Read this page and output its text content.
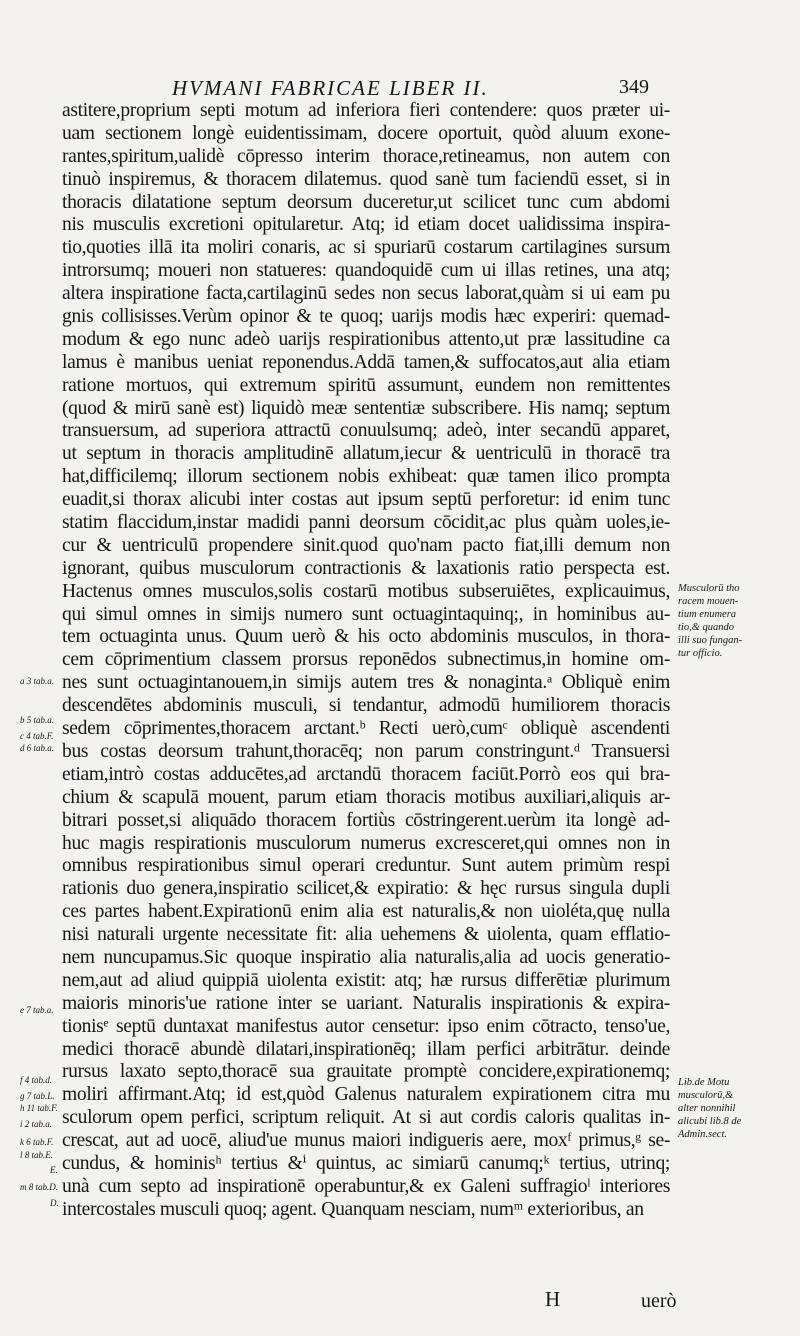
HVMANI FABRICAE LIBER II.	349
astitere,proprium septi motum ad inferiora fieri contendere: quos præter ui-
uam sectionem longè euidentissimam, docere oportuit, quòd aluum exone-
rantes,spiritum,ualidè cōpresso interim thorace,retineamus, non autem con
tinuò inspiremus, & thoracem dilatemus. quod sanè tum faciendū esset, si in
thoracis dilatatione septum deorsum duceretur,ut scilicet tunc cum abdomi
nis musculis excretioni opitularetur. Atq; id etiam docet ualidissima inspira-
tio,quoties illā ita moliri conaris, ac si spuriarū costarum cartilagines sursum
introrsumq; moueri non statueres: quandoquidē cum ui illas retines, una atq;
altera inspiratione facta,cartilaginū sedes non secus laborat,quàm si ui eam pu
gnis collisisses.Verùm opinor & te quoq; uarijs modis hæc experiri: quemad-
modum & ego nunc adeò uarijs respirationibus attento,ut præ lassitudine ca
lamus è manibus ueniat reponendus.Addā tamen,& suffocatos,aut alia etiam
ratione mortuos, qui extremum spiritū assumunt, eundem non remittentes
(quod & mirū sanè est) liquidò meæ sententiæ subscribere. His namq; septum
transuersum, ad superiora attractū conuulsumq; adeò, inter secandū apparet,
ut septum in thoracis amplitudinē allatum,iecur & uentriculū in thoracē tra
hat,difficilemq; illorum sectionem nobis exhibeat: quæ tamen ilico prompta
euadit,si thorax alicubi inter costas aut ipsum septū perforetur: id enim tunc
statim flaccidum,instar madidi panni deorsum cōcidit,ac plus quàm uoles,ie-
cur & uentriculū propendere sinit.quod quo'nam pacto fiat,illi demum non
ignorant, quibus musculorum contractionis & laxationis ratio perspecta est.
Hactenus omnes musculos,solis costarū motibus subseruiētes, explicauimus,
qui simul omnes in simijs numero sunt octuagintaquinq;, in hominibus au-
tem octuaginta unus. Quum uerò & his octo abdominis musculos, in thora-
cem cōprimentium classem prorsus reponēdos subnectimus,in homine om-
nes sunt octuagintanouem,in simijs autem tres & nonaginta.ᵃ Obliquè enim
descendētes abdominis musculi, si tendantur, admodū humiliorem thoracis
sedem cōprimentes,thoracem arctant.ᵇ Recti uerò,cumᶜ obliquè ascendenti
bus costas deorsum trahunt,thoracēq; non parum constringunt.ᵈ Transuersi
etiam,intrò costas adducētes,ad arctandū thoracem faciūt.Porrò eos qui bra-
chium & scapulā mouent, parum etiam thoracis motibus auxiliari,aliquis ar-
bitrari posset,si aliquādo thoracem fortiùs cōstringerent.uerùm ita longè ad-
huc magis respirationis musculorum numerus excresceret,qui omnes non in
omnibus respirationibus simul operari creduntur. Sunt autem primùm respi
rationis duo genera,inspiratio scilicet,& expiratio: & hęc rursus singula dupli
ces partes habent.Expirationū enim alia est naturalis,& non uioléta,quę nulla
nisi naturali urgente necessitate fit: alia uehemens & uiolenta, quam efflatio-
nem nuncupamus.Sic quoque inspiratio alia naturalis,alia ad uocis generatio-
nem,aut ad aliud quippiā uiolenta existit: atq; hæ rursus differētiæ plurimum
maioris minoris'ue ratione inter se uariant. Naturalis inspirationis & expira-
tionisᵉ septū duntaxat manifestus autor censetur: ipso enim cōtracto, tenso'ue,
medici thoracē abundè dilatari,inspirationēq; illam perfici arbitrātur. deinde
rursus laxato septo,thoracē sua grauitate promptè concidere,expirationemq;
moliri affirmant.Atq; id est,quòd Galenus naturalem expirationem citra mu
sculorum opem perfici, scriptum reliquit. At si aut cordis caloris qualitas in-
crescat, aut ad uocē, aliud'ue munus maiori indigueris aere, moxᶠ primus,ᵍ se-
cundus, & hominisʰ tertius &ⁱ quintus, ac simiarū canumq;ᵏ tertius, utrinq;
unà cum septo ad inspirationē operabuntur,& ex Galeni suffragioˡ interiores
intercostales musculi quoq; agent. Quanquam nesciam, numᵐ exterioribus, an
a 3 tab.a.
b 5 tab.a.
c 4 tab.F.
d 6 tab.a.
e 7 tab.a.
f 4 tab.d.
g 7 tab.L.
h 11 tab.F.
i 2 tab.a.
k 6 tab.F.
l 8 tab.E.
E.
m 8 tab.D.
D.
Musculorū tho
racem mouen-
tium enumera
tio,& quando
illi suo fungan-
tur officio.
Lib.de Motu
musculorū,&
alter nonnihil
alicubi lib.8 de
Admin.sect.
H	uerò
